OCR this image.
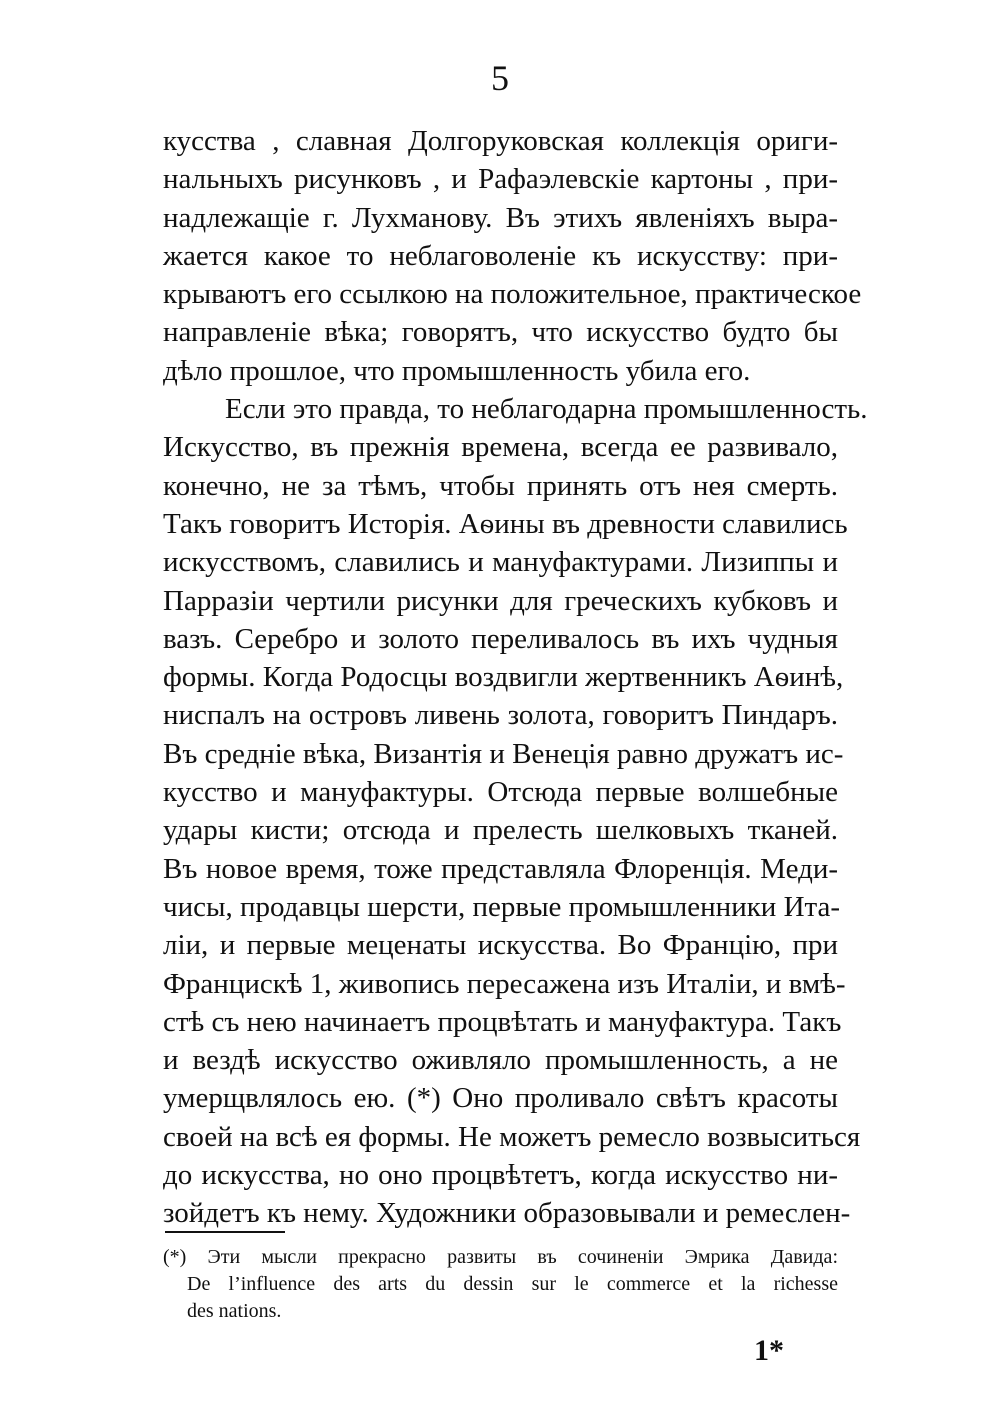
5
кусства , славная Долгоруковская коллекція ориги-
нальныхъ рисунковъ , и Рафаэлевскіе картоны , при-
надлежащіе г. Лухманову. Въ этихъ явленіяхъ выра-
жается какое то неблаговоленіе къ искусству: при-
крываютъ его ссылкою на положительное, практическое
направленіе вѣка; говорятъ, что искусство будто бы
дѣло прошлое, что промышленность убила его.
Если это правда, то неблагодарна промышленность.
Искусство, въ прежнія времена, всегда ее развивало,
конечно, не за тѣмъ, чтобы принять отъ нея смерть.
Такъ говоритъ Исторія. Аѳины въ древности славились
искусствомъ, славились и мануфактурами. Лизиппы и
Парразіи чертили рисунки для греческихъ кубковъ и
вазъ. Серебро и золото переливалось въ ихъ чудныя
формы. Когда Родосцы воздвигли жертвенникъ Аѳинѣ,
ниспалъ на островъ ливень золота, говоритъ Пиндаръ.
Въ средніе вѣка, Византія и Венеція равно дружатъ ис-
кусство и мануфактуры. Отсюда первые волшебные
удары кисти; отсюда и прелесть шелковыхъ тканей.
Въ новое время, тоже представляла Флоренція. Меди-
чисы, продавцы шерсти, первые промышленники Ита-
ліи, и первые меценаты искусства. Во Францію, при
Францискѣ 1, живопись пересажена изъ Италіи, и вмѣ-
стѣ съ нею начинаетъ процвѣтать и мануфактура. Такъ
и вездѣ искусство оживляло промышленность, а не
умерщвлялось ею. (*) Оно проливало свѣтъ красоты
своей на всѣ ея формы. Не можетъ ремесло возвыситься
до искусства, но оно процвѣтетъ, когда искусство ни-
зойдетъ къ нему. Художники образовывали и ремеслен-
(*) Эти мысли прекрасно развиты въ сочиненіи Эмрика Давида:
De l’influence des arts du dessin sur le commerce et la richesse
des nations.
1*
